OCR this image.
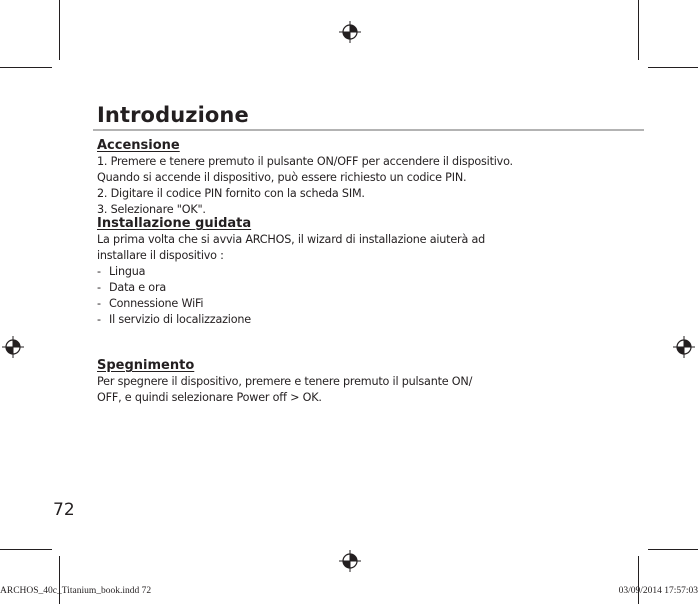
Introduzione
Accensione
1. Premere e tenere premuto il pulsante ON/OFF per accendere il dispositivo.
Quando si accende il dispositivo, può essere richiesto un codice PIN.
2. Digitare il codice PIN fornito con la scheda SIM.
3. Selezionare "OK".
Installazione guidata
La prima volta che si avvia ARCHOS, il wizard di installazione aiuterà ad
installare il dispositivo :
- Lingua
- Data e ora
- Connessione WiFi
- Il servizio di localizzazione
Spegnimento
Per spegnere il dispositivo, premere e tenere premuto il pulsante ON/
OFF, e quindi selezionare Power off > OK.
72
ARCHOS_40c_Titanium_book.indd 72	03/09/2014 17:57:03
